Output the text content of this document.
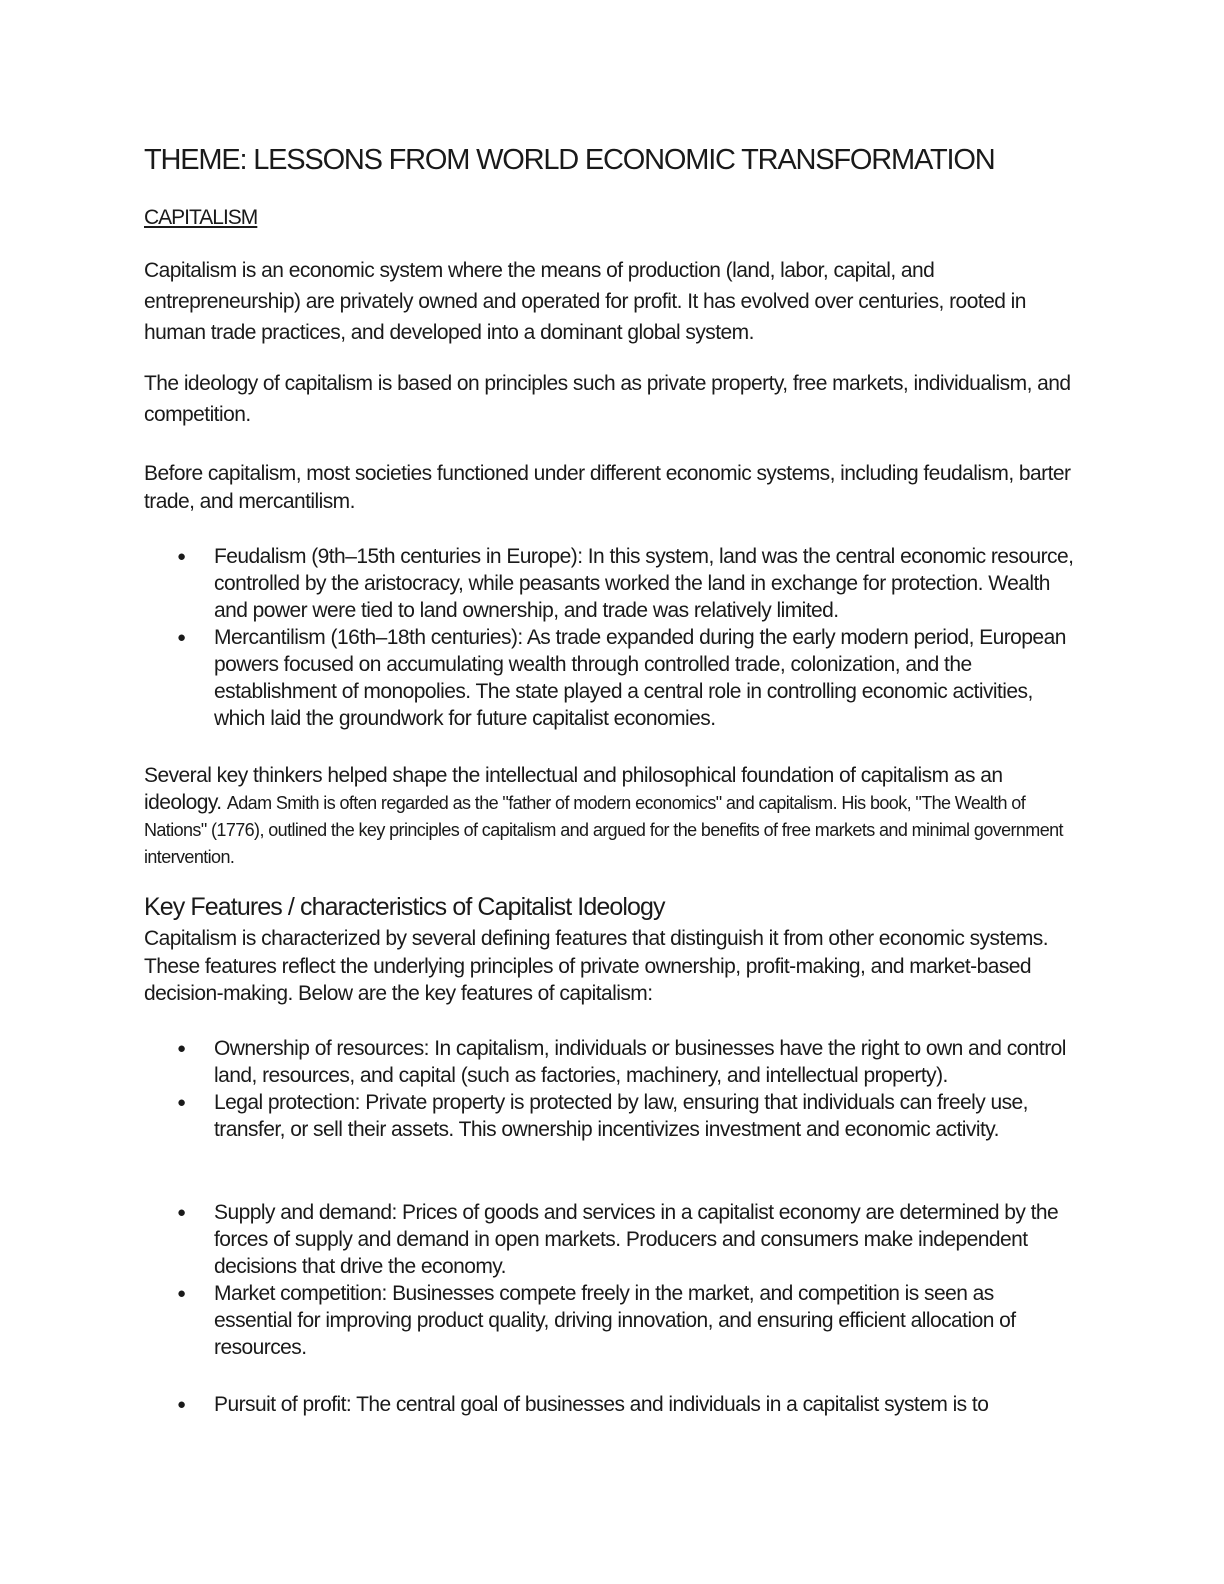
THEME: LESSONS FROM WORLD ECONOMIC TRANSFORMATION
CAPITALISM

Capitalism is an economic system where the means of production (land, labor, capital, and entrepreneurship) are privately owned and operated for profit. It has evolved over centuries, rooted in human trade practices, and developed into a dominant global system.

The ideology of capitalism is based on principles such as private property, free markets, individualism, and competition.

Before capitalism, most societies functioned under different economic systems, including feudalism, barter trade, and mercantilism.

● Feudalism (9th–15th centuries in Europe): In this system, land was the central economic resource, controlled by the aristocracy, while peasants worked the land in exchange for protection. Wealth and power were tied to land ownership, and trade was relatively limited.
● Mercantilism (16th–18th centuries): As trade expanded during the early modern period, European powers focused on accumulating wealth through controlled trade, colonization, and the establishment of monopolies. The state played a central role in controlling economic activities, which laid the groundwork for future capitalist economies.

Several key thinkers helped shape the intellectual and philosophical foundation of capitalism as an ideology. Adam Smith is often regarded as the "father of modern economics" and capitalism. His book, "The Wealth of Nations" (1776), outlined the key principles of capitalism and argued for the benefits of free markets and minimal government intervention.

Key Features / characteristics of Capitalist Ideology

Capitalism is characterized by several defining features that distinguish it from other economic systems. These features reflect the underlying principles of private ownership, profit-making, and market-based decision-making. Below are the key features of capitalism:

● Ownership of resources: In capitalism, individuals or businesses have the right to own and control land, resources, and capital (such as factories, machinery, and intellectual property).
● Legal protection: Private property is protected by law, ensuring that individuals can freely use, transfer, or sell their assets. This ownership incentivizes investment and economic activity.
● Supply and demand: Prices of goods and services in a capitalist economy are determined by the forces of supply and demand in open markets. Producers and consumers make independent decisions that drive the economy.
● Market competition: Businesses compete freely in the market, and competition is seen as essential for improving product quality, driving innovation, and ensuring efficient allocation of resources.
● Pursuit of profit: The central goal of businesses and individuals in a capitalist system is to
